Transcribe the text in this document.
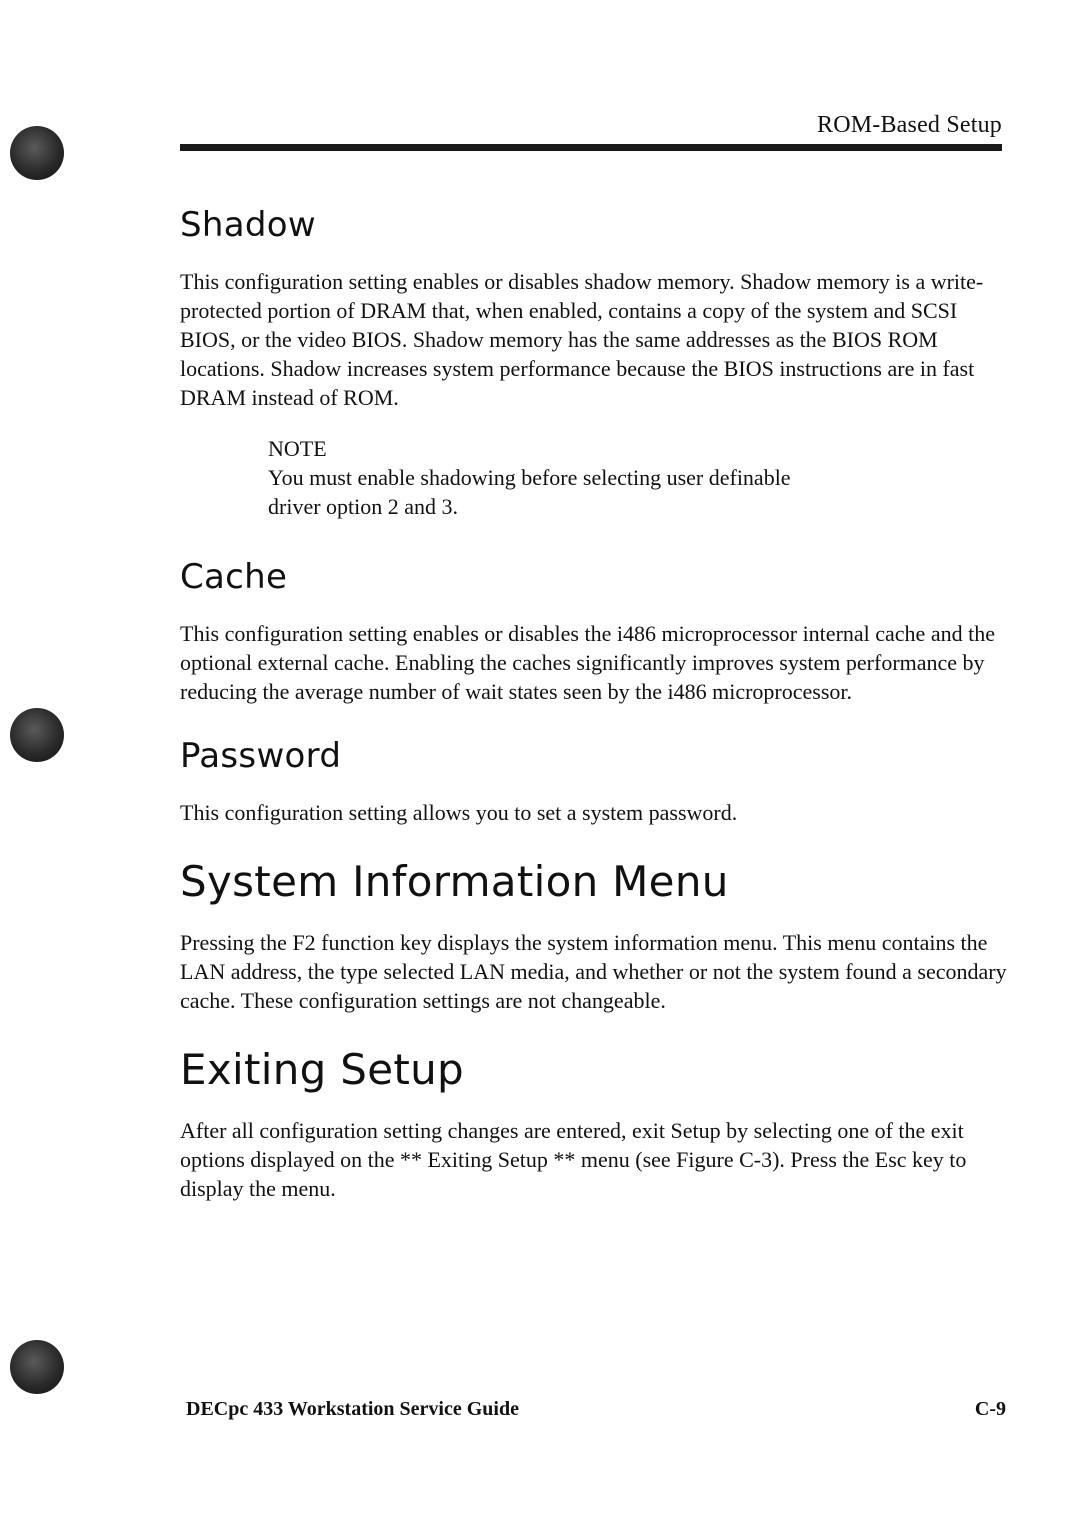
ROM-Based Setup
Shadow

This configuration setting enables or disables shadow memory. Shadow memory is a write-protected portion of DRAM that, when enabled, contains a copy of the system and SCSI BIOS, or the video BIOS. Shadow memory has the same addresses as the BIOS ROM locations. Shadow increases system performance because the BIOS instructions are in fast DRAM instead of ROM.

NOTE

You must enable shadowing before selecting user definable driver option 2 and 3.

Cache

This configuration setting enables or disables the i486 microprocessor internal cache and the optional external cache. Enabling the caches significantly improves system performance by reducing the average number of wait states seen by the i486 microprocessor.

Password

This configuration setting allows you to set a system password.

System Information Menu

Pressing the F2 function key displays the system information menu. This menu contains the LAN address, the type selected LAN media, and whether or not the system found a secondary cache. These configuration settings are not changeable.

Exiting Setup

After all configuration setting changes are entered, exit Setup by selecting one of the exit options displayed on the ** Exiting Setup ** menu (see Figure C-3). Press the Esc key to display the menu.

DECpc 433 Workstation Service Guide	C-9
